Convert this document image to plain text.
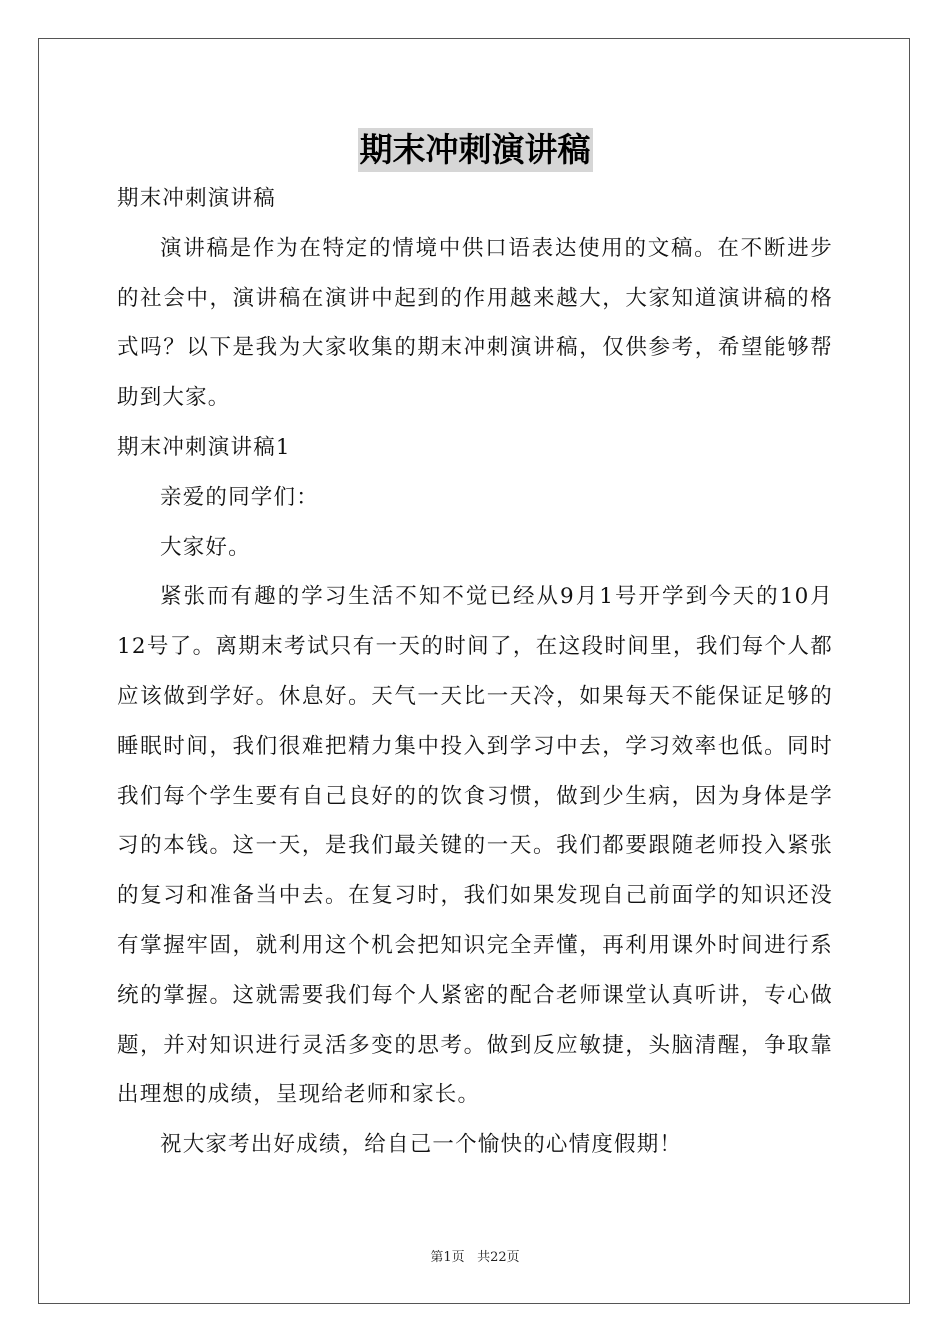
期末冲刺演讲稿

期末冲刺演讲稿

演讲稿是作为在特定的情境中供口语表达使用的文稿。在不断进步的社会中，演讲稿在演讲中起到的作用越来越大，大家知道演讲稿的格式吗？以下是我为大家收集的期末冲刺演讲稿，仅供参考，希望能够帮助到大家。

期末冲刺演讲稿1

亲爱的同学们：

大家好。

紧张而有趣的学习生活不知不觉已经从9月1号开学到今天的10月12号了。离期末考试只有一天的时间了，在这段时间里，我们每个人都应该做到学好。休息好。天气一天比一天冷，如果每天不能保证足够的睡眠时间，我们很难把精力集中投入到学习中去，学习效率也低。同时我们每个学生要有自己良好的的饮食习惯，做到少生病，因为身体是学习的本钱。这一天，是我们最关键的一天。我们都要跟随老师投入紧张的复习和准备当中去。在复习时，我们如果发现自己前面学的知识还没有掌握牢固，就利用这个机会把知识完全弄懂，再利用课外时间进行系统的掌握。这就需要我们每个人紧密的配合老师课堂认真听讲，专心做题，并对知识进行灵活多变的思考。做到反应敏捷，头脑清醒，争取靠出理想的成绩，呈现给老师和家长。

祝大家考出好成绩，给自己一个愉快的心情度假期！

第1页 共22页
